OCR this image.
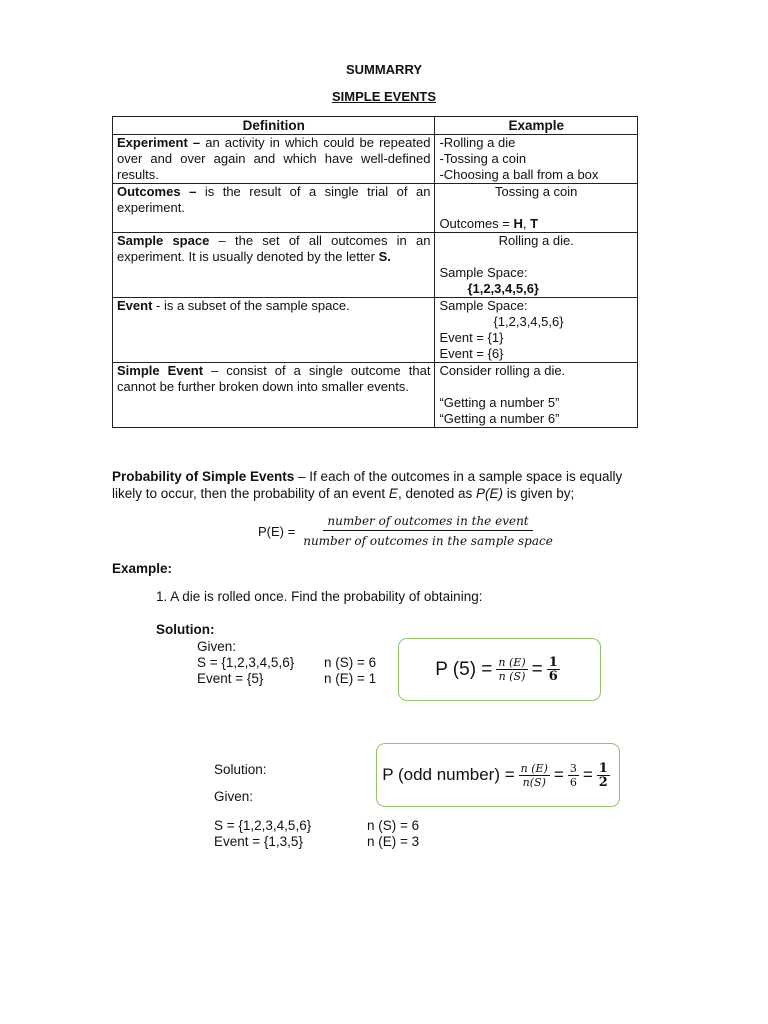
SUMMARRY
SIMPLE EVENTS
Definition	Example
Experiment – an activity in which could be repeated over and over again and which have well-defined results.	-Rolling a die
-Tossing a coin
-Choosing a ball from a box

Outcomes – is the result of a single trial of an experiment.	Tossing a coin
Outcomes = H, T

Sample space – the set of all outcomes in an experiment. It is usually denoted by the letter S.	Rolling a die.
Sample Space:
{1,2,3,4,5,6}

Event - is a subset of the sample space.	Sample Space:
{1,2,3,4,5,6}
Event = {1}
Event = {6}

Simple Event – consist of a single outcome that cannot be further broken down into smaller events.	Consider rolling a die.
“Getting a number 5”
“Getting a number 6”
Probability of Simple Events – If each of the outcomes in a sample space is equally likely to occur, then the probability of an event E, denoted as P(E) is given by;
$P(E) = \frac{\text{number of outcomes in the event}}{\text{number of outcomes in the sample space}}$
Example:
1. A die is rolled once. Find the probability of obtaining:
Solution:
Given:
S = {1,2,3,4,5,6} n (S) = 6
Event = {5}	n (E) = 1	P $(5) = \frac{n (E)}{n (S)} = \frac{1}{6}$
P (odd number) = $\frac{n (E)}{n(S)} = \frac{3}{6} = \frac{1}{2}$
Solution:
Given:
S = {1,2,3,4,5,6}	n (S) = 6
Event = {1,3,5}	n (E) = 3
